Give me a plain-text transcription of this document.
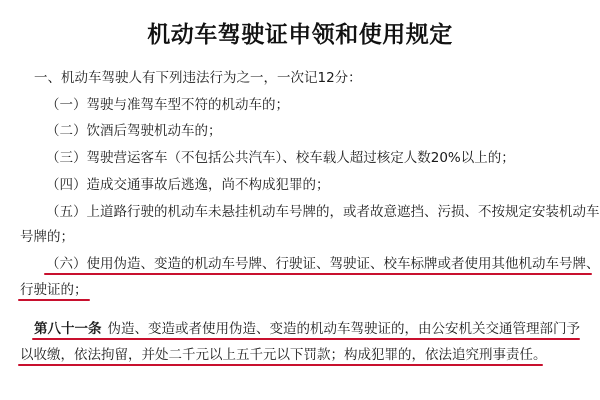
机动车驾驶证申领和使用规定
一、机动车驾驶人有下列违法行为之一，一次记12分：
（一）驾驶与准驾车型不符的机动车的；
（二）饮酒后驾驶机动车的；
（三）驾驶营运客车（不包括公共汽车）、校车载人超过核定人数20%以上的；
（四）造成交通事故后逃逸，尚不构成犯罪的；
（五）上道路行驶的机动车未悬挂机动车号牌的，或者故意遮挡、污损、不按规定安装机动车
号牌的；
（六）使用伪造、变造的机动车号牌、行驶证、驾驶证、校车标牌或者使用其他机动车号牌、
行驶证的；
第八十一条 伪造、变造或者使用伪造、变造的机动车驾驶证的，由公安机关交通管理部门予
以收缴，依法拘留，并处二千元以上五千元以下罚款；构成犯罪的，依法追究刑事责任。
